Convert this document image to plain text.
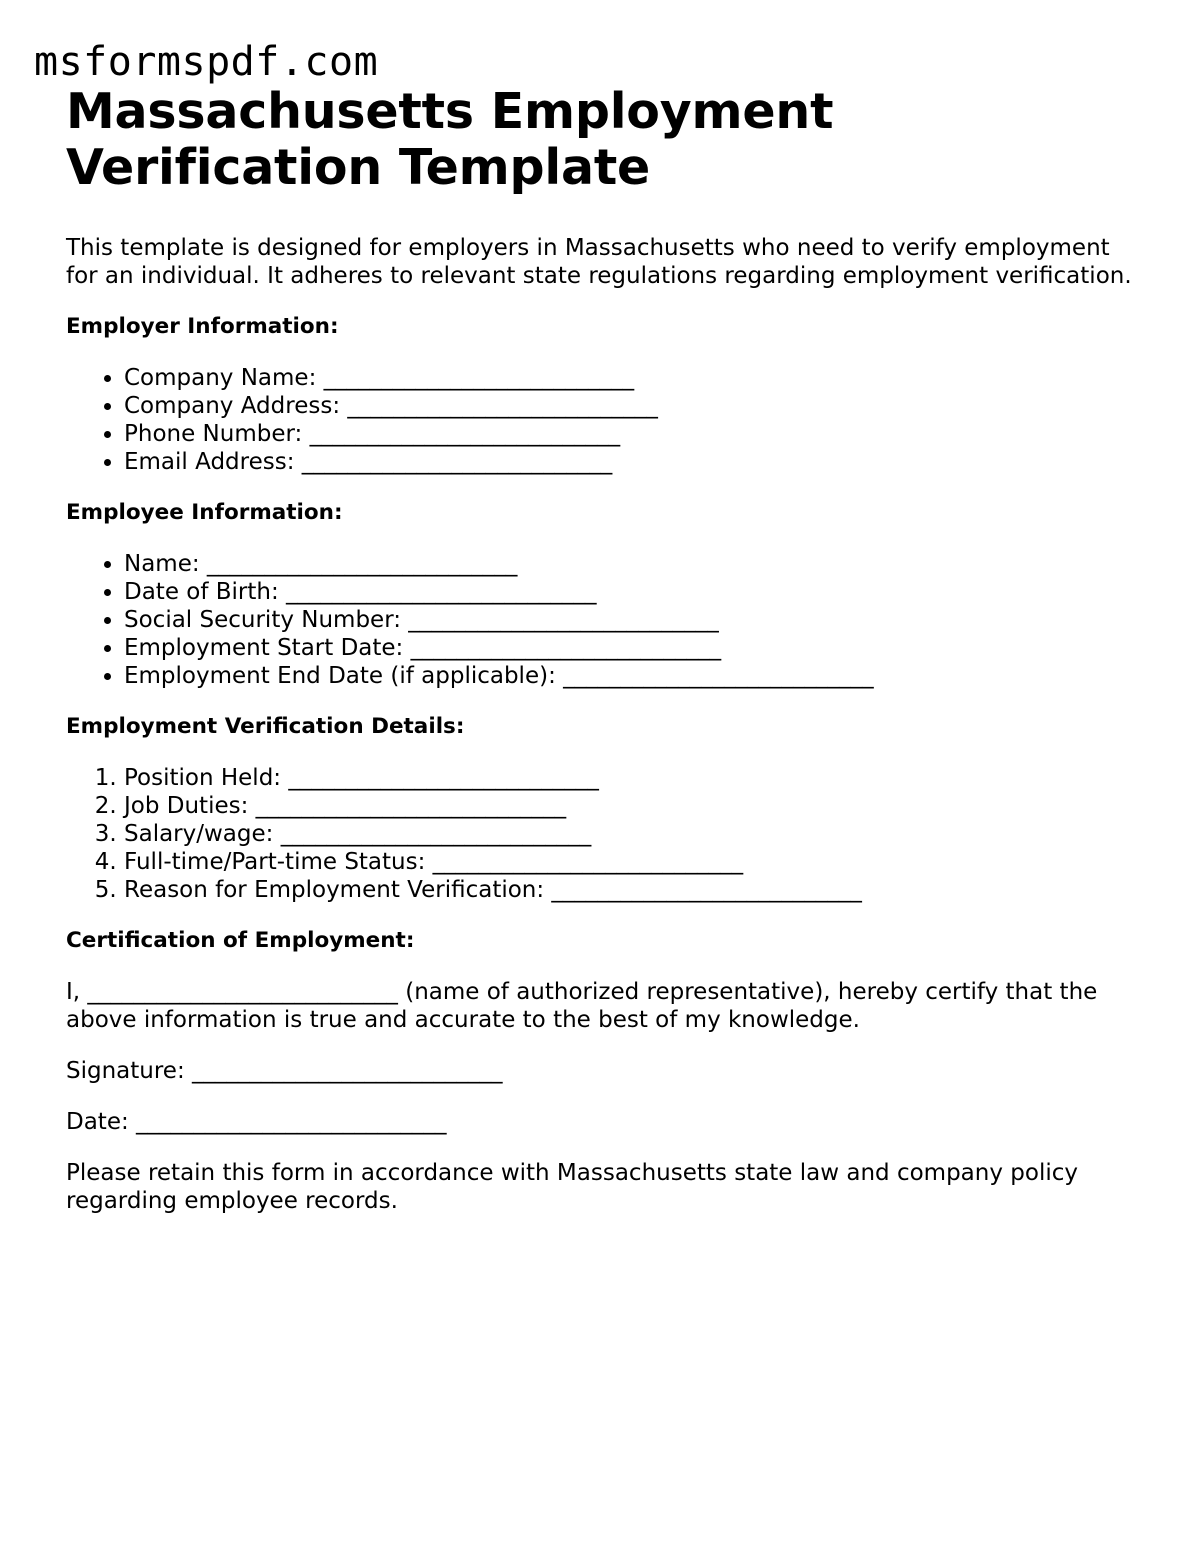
msformspdf.com
Massachusetts Employment Verification Template

This template is designed for employers in Massachusetts who need to verify employment for an individual. It adheres to relevant state regulations regarding employment verification.

Employer Information:
• Company Name: ___________________________
• Company Address: ___________________________
• Phone Number: ___________________________
• Email Address: ___________________________
Employee Information:
• Name: ___________________________
• Date of Birth: ___________________________
• Social Security Number: ___________________________
• Employment Start Date: ___________________________
• Employment End Date (if applicable): ___________________________
Employment Verification Details:
1. Position Held: ___________________________
2. Job Duties: ___________________________
3. Salary/wage: ___________________________
4. Full-time/Part-time Status: ___________________________
5. Reason for Employment Verification: ___________________________
Certification of Employment:

I, ___________________________ (name of authorized representative), hereby certify that the above information is true and accurate to the best of my knowledge.

Signature: ___________________________

Date: ___________________________

Please retain this form in accordance with Massachusetts state law and company policy regarding employee records.
